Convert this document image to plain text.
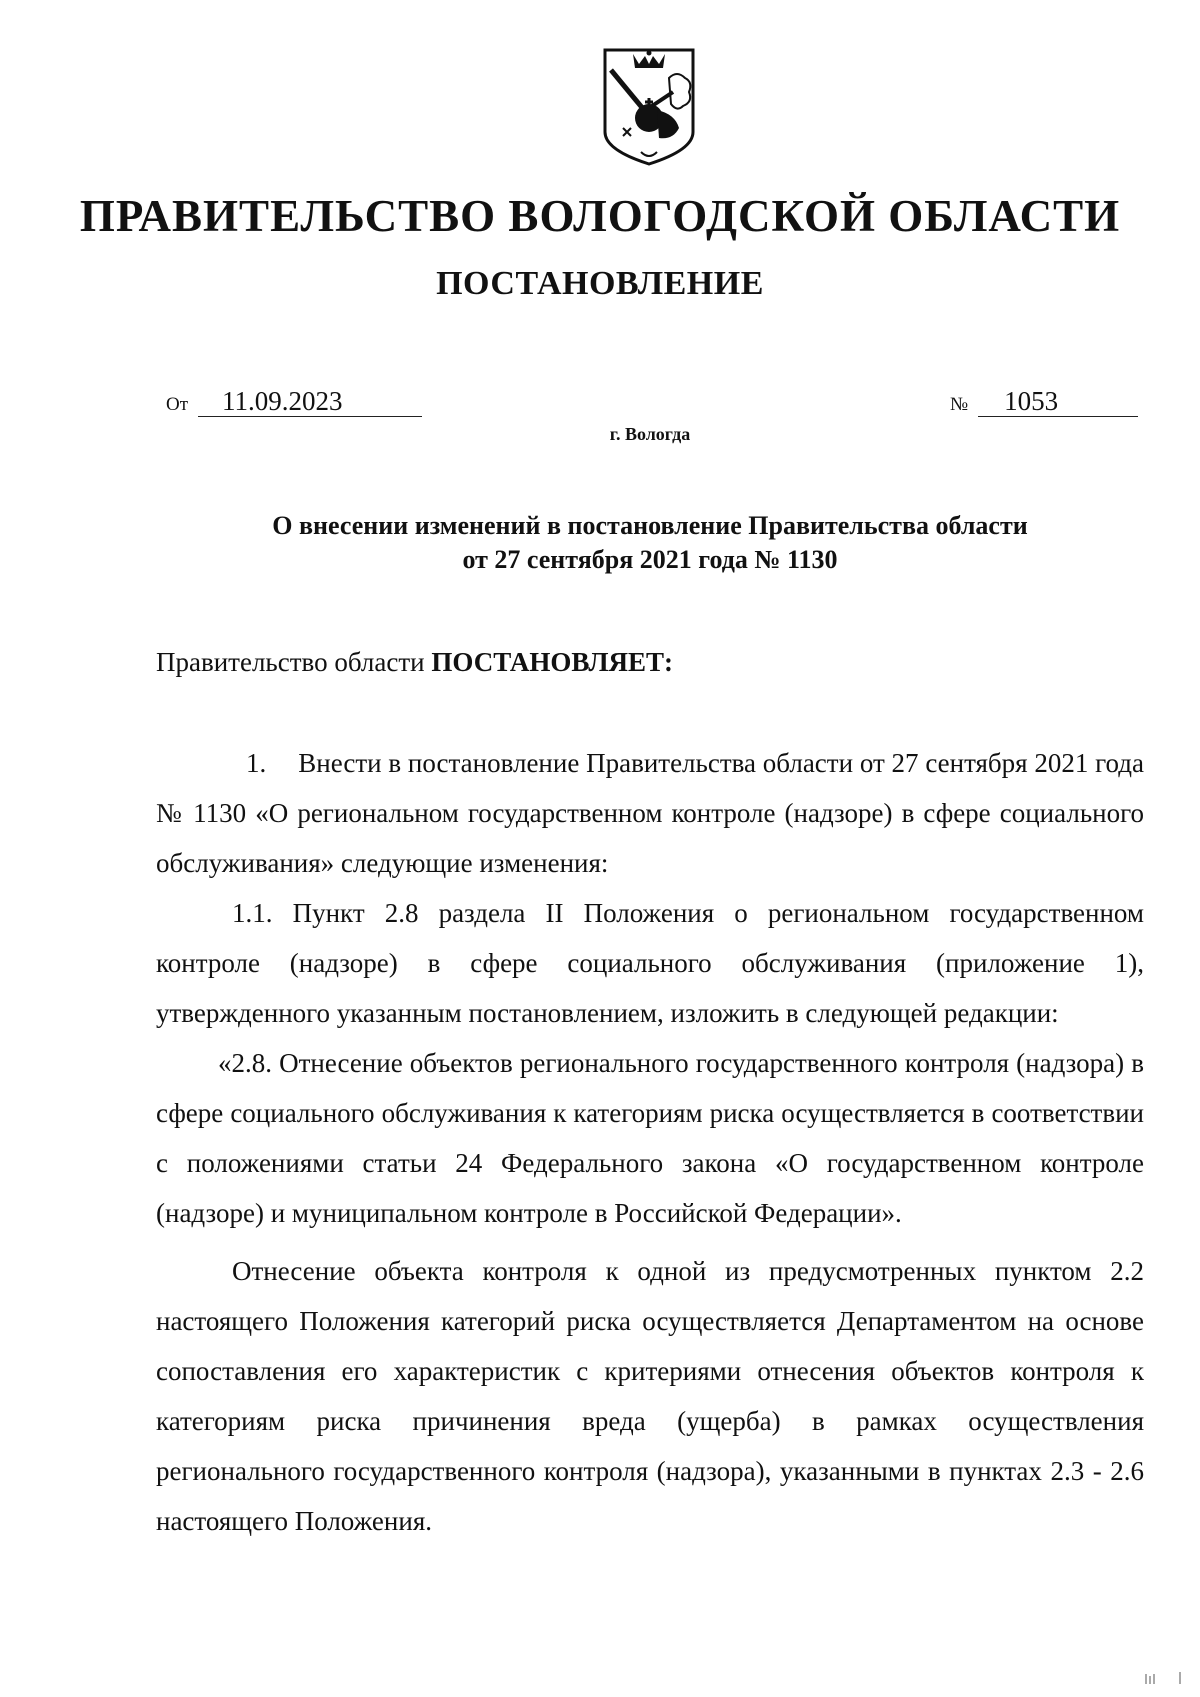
ПРАВИТЕЛЬСТВО ВОЛОГОДСКОЙ ОБЛАСТИ
ПОСТАНОВЛЕНИЕ
От 11.09.2023	№ 1053
г. Вологда
О внесении изменений в постановление Правительства области
от 27 сентября 2021 года № 1130
Правительство области ПОСТАНОВЛЯЕТ:

1. Внести в постановление Правительства области от 27 сентября 2021 года № 1130 «О региональном государственном контроле (надзоре) в сфере социального обслуживания» следующие изменения:

1.1. Пункт 2.8 раздела II Положения о региональном государственном контроле (надзоре) в сфере социального обслуживания (приложение 1), утвержденного указанным постановлением, изложить в следующей редакции:

«2.8. Отнесение объектов регионального государственного контроля (надзора) в сфере социального обслуживания к категориям риска осуществляется в соответствии с положениями статьи 24 Федерального закона «О государственном контроле (надзоре) и муниципальном контроле в Российской Федерации».

Отнесение объекта контроля к одной из предусмотренных пунктом 2.2 настоящего Положения категорий риска осуществляется Департаментом на основе сопоставления его характеристик с критериями отнесения объектов контроля к категориям риска причинения вреда (ущерба) в рамках осуществления регионального государственного контроля (надзора), указанными в пунктах 2.3 - 2.6 настоящего Положения.
